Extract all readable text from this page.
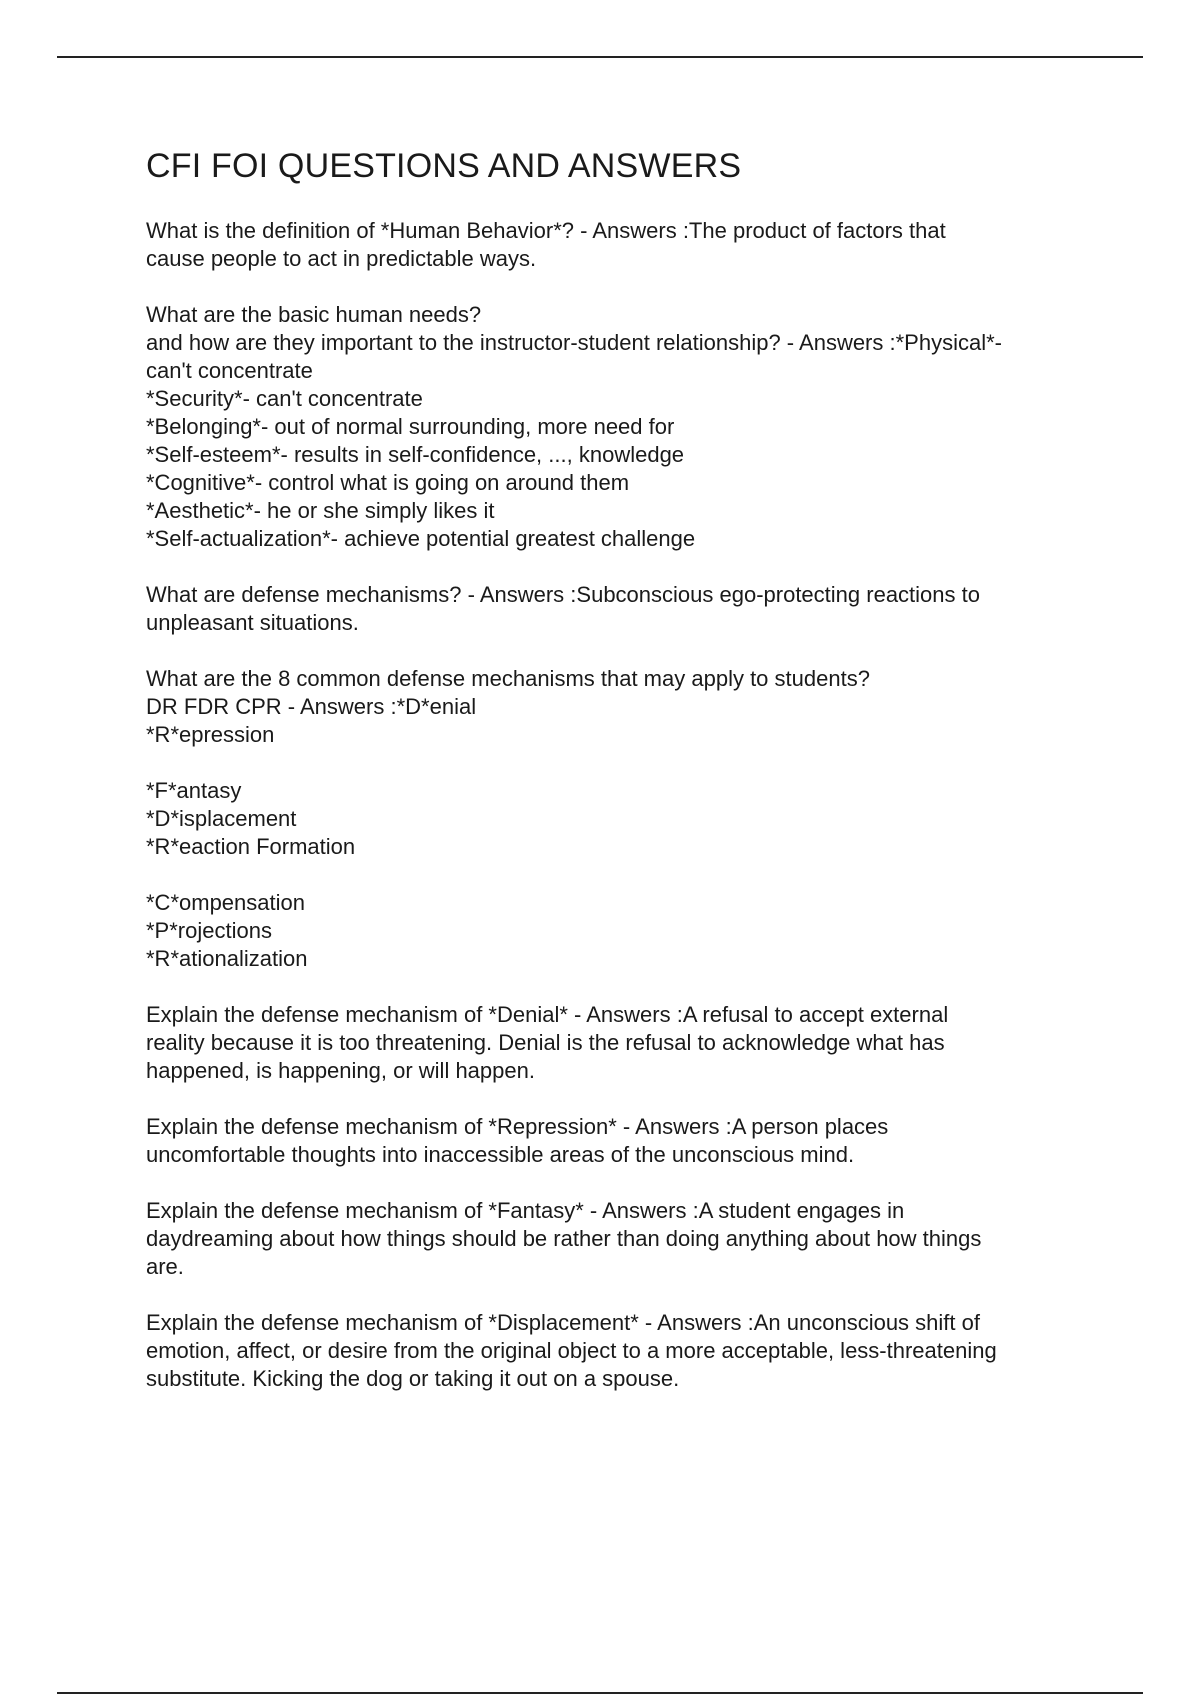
CFI FOI QUESTIONS AND ANSWERS

What is the definition of *Human Behavior*? - Answers :The product of factors that
cause people to act in predictable ways.

What are the basic human needs?
and how are they important to the instructor-student relationship? - Answers :*Physical*-
can't concentrate
*Security*- can't concentrate
*Belonging*- out of normal surrounding, more need for
*Self-esteem*- results in self-confidence, ..., knowledge
*Cognitive*- control what is going on around them
*Aesthetic*- he or she simply likes it
*Self-actualization*- achieve potential greatest challenge

What are defense mechanisms? - Answers :Subconscious ego-protecting reactions to
unpleasant situations.

What are the 8 common defense mechanisms that may apply to students?
DR FDR CPR - Answers :*D*enial
*R*epression

*F*antasy
*D*isplacement
*R*eaction Formation

*C*ompensation
*P*rojections
*R*ationalization

Explain the defense mechanism of *Denial* - Answers :A refusal to accept external
reality because it is too threatening. Denial is the refusal to acknowledge what has
happened, is happening, or will happen.

Explain the defense mechanism of *Repression* - Answers :A person places
uncomfortable thoughts into inaccessible areas of the unconscious mind.

Explain the defense mechanism of *Fantasy* - Answers :A student engages in
daydreaming about how things should be rather than doing anything about how things
are.

Explain the defense mechanism of *Displacement* - Answers :An unconscious shift of
emotion, affect, or desire from the original object to a more acceptable, less-threatening
substitute. Kicking the dog or taking it out on a spouse.
